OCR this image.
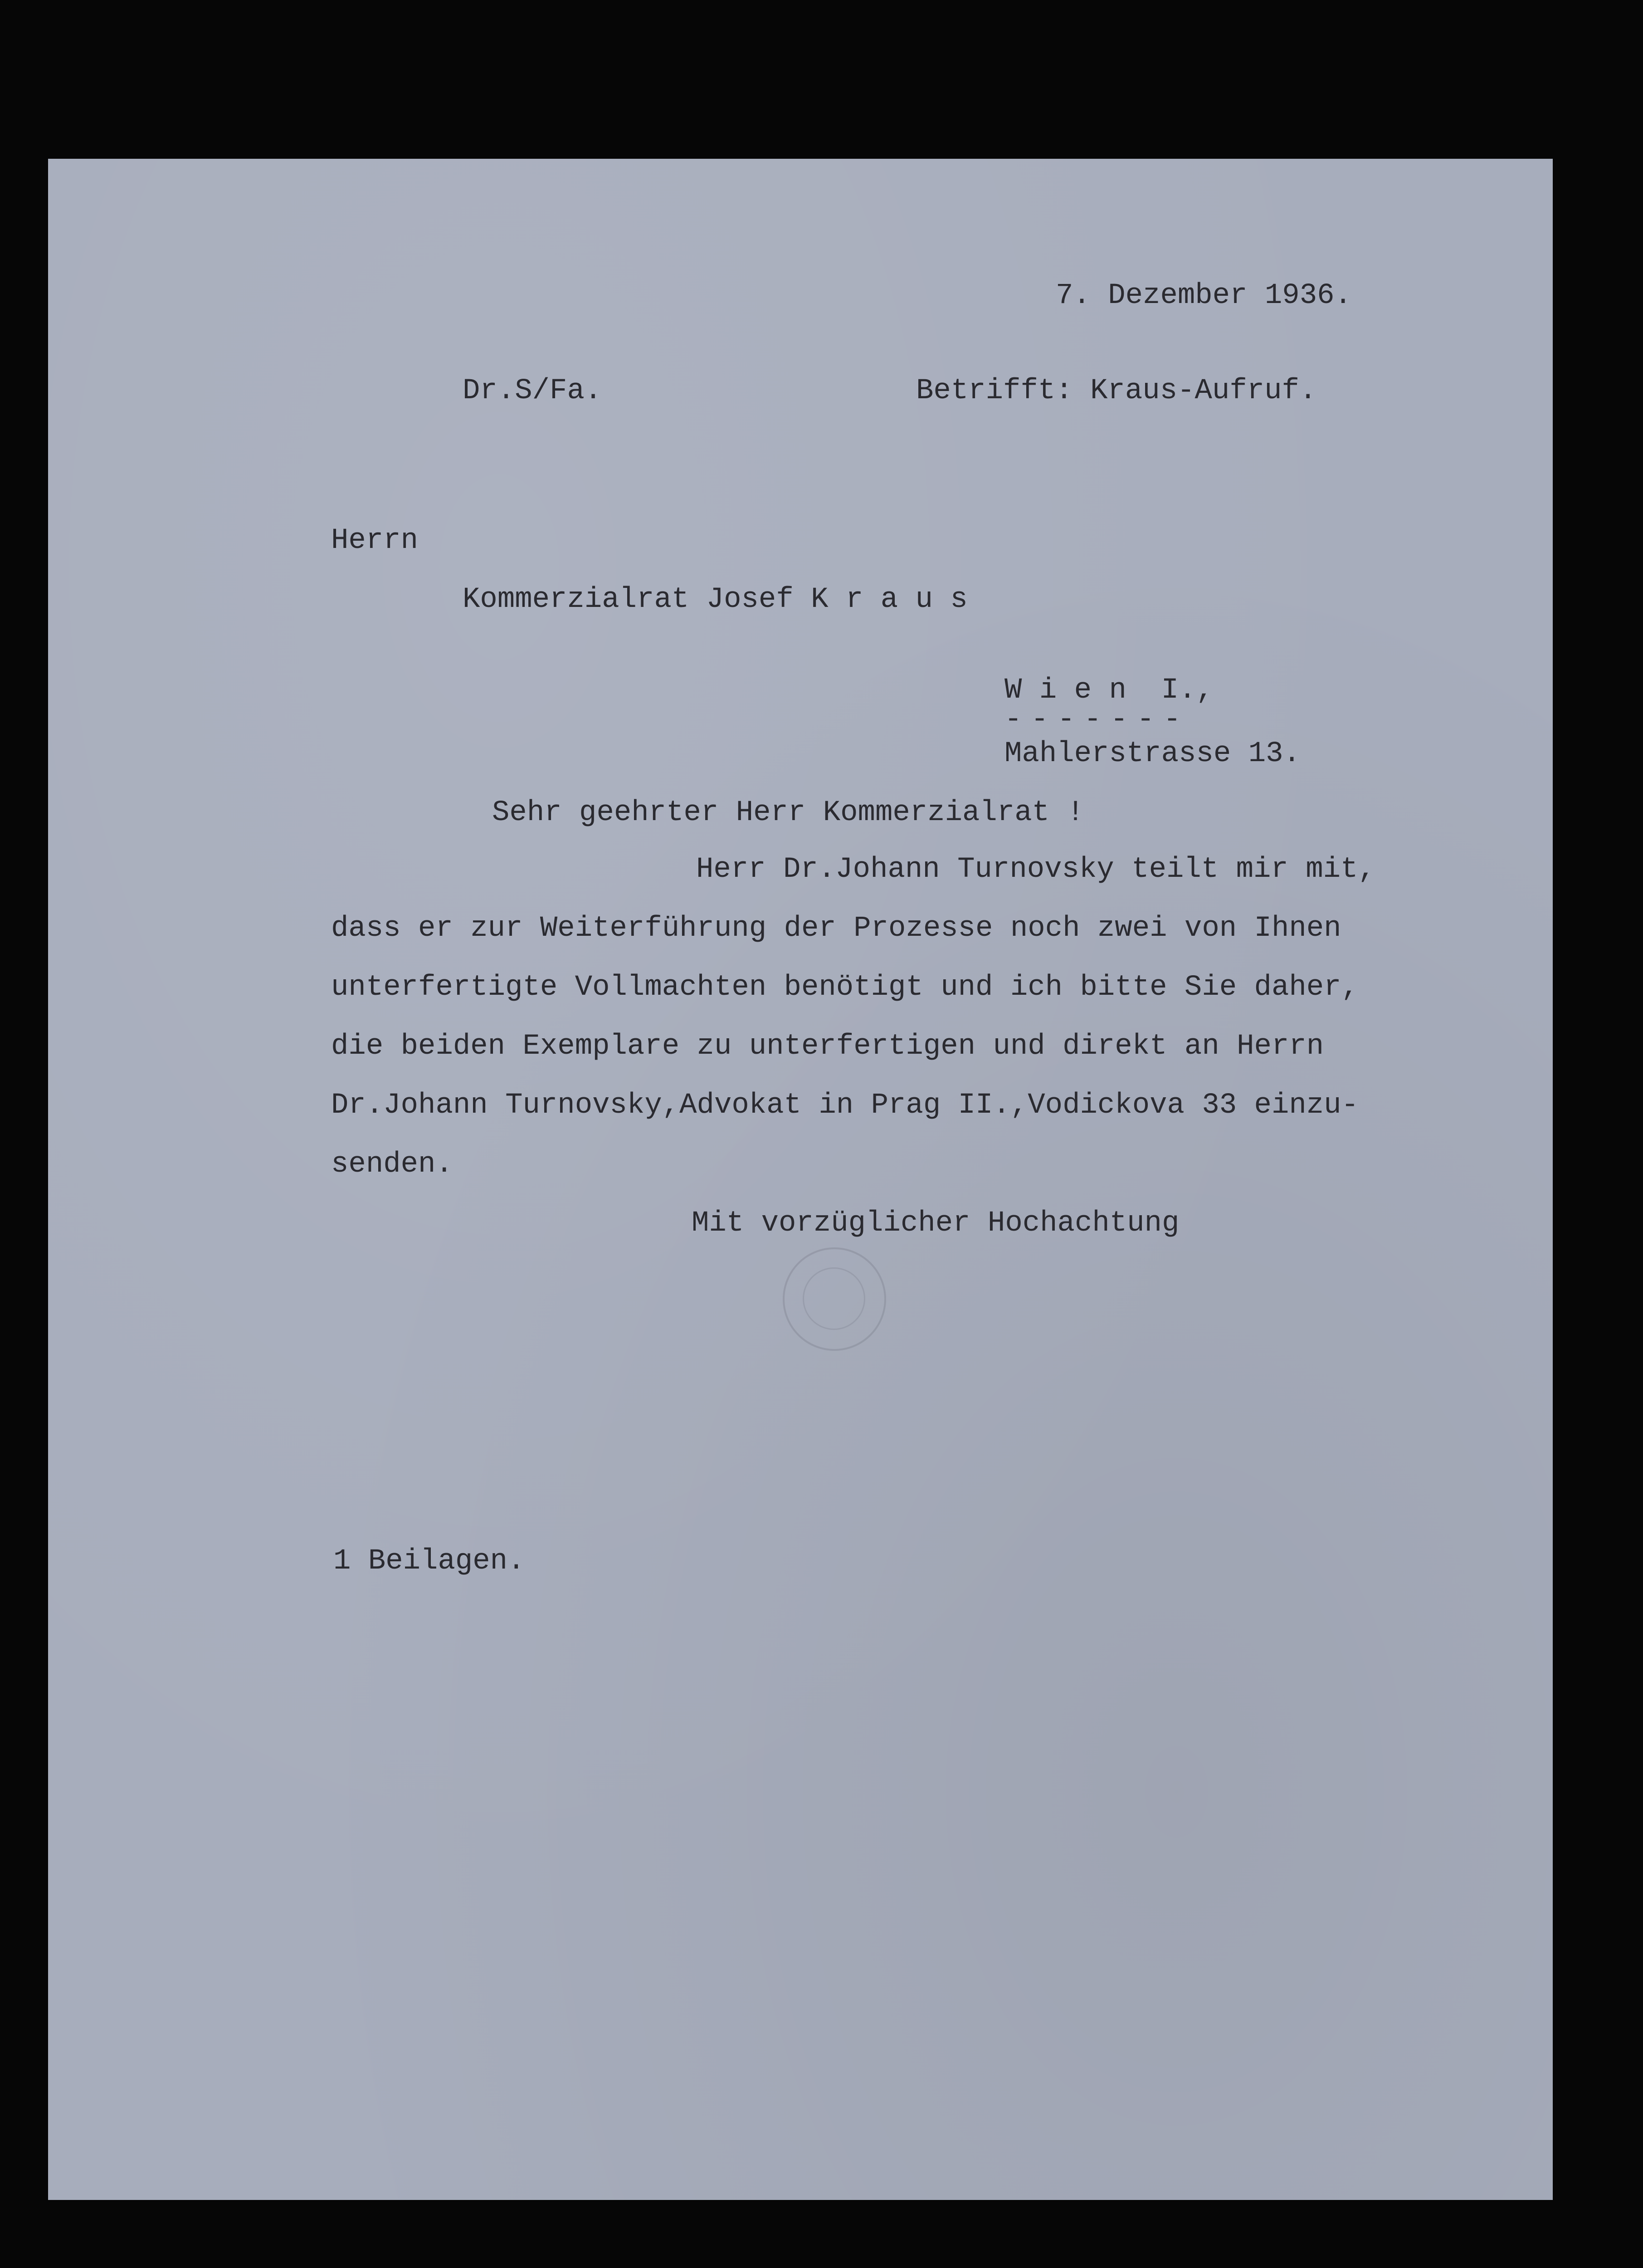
7. Dezember 1936.
Dr.S/Fa.	Betrifft: Kraus-Aufruf.
Herrn
Kommerzialrat Josef K r a u s
W i e n  I.,
-------
Mahlerstrasse 13.
Sehr geehrter Herr Kommerzialrat !
Herr Dr.Johann Turnovsky teilt mir mit,
dass er zur Weiterführung der Prozesse noch zwei von Ihnen
unterfertigte Vollmachten benötigt und ich bitte Sie daher,
die beiden Exemplare zu unterfertigen und direkt an Herrn
Dr.Johann Turnovsky,Advokat in Prag II.,Vodickova 33 einzu-
senden.
Mit vorzüglicher Hochachtung
1 Beilagen.
